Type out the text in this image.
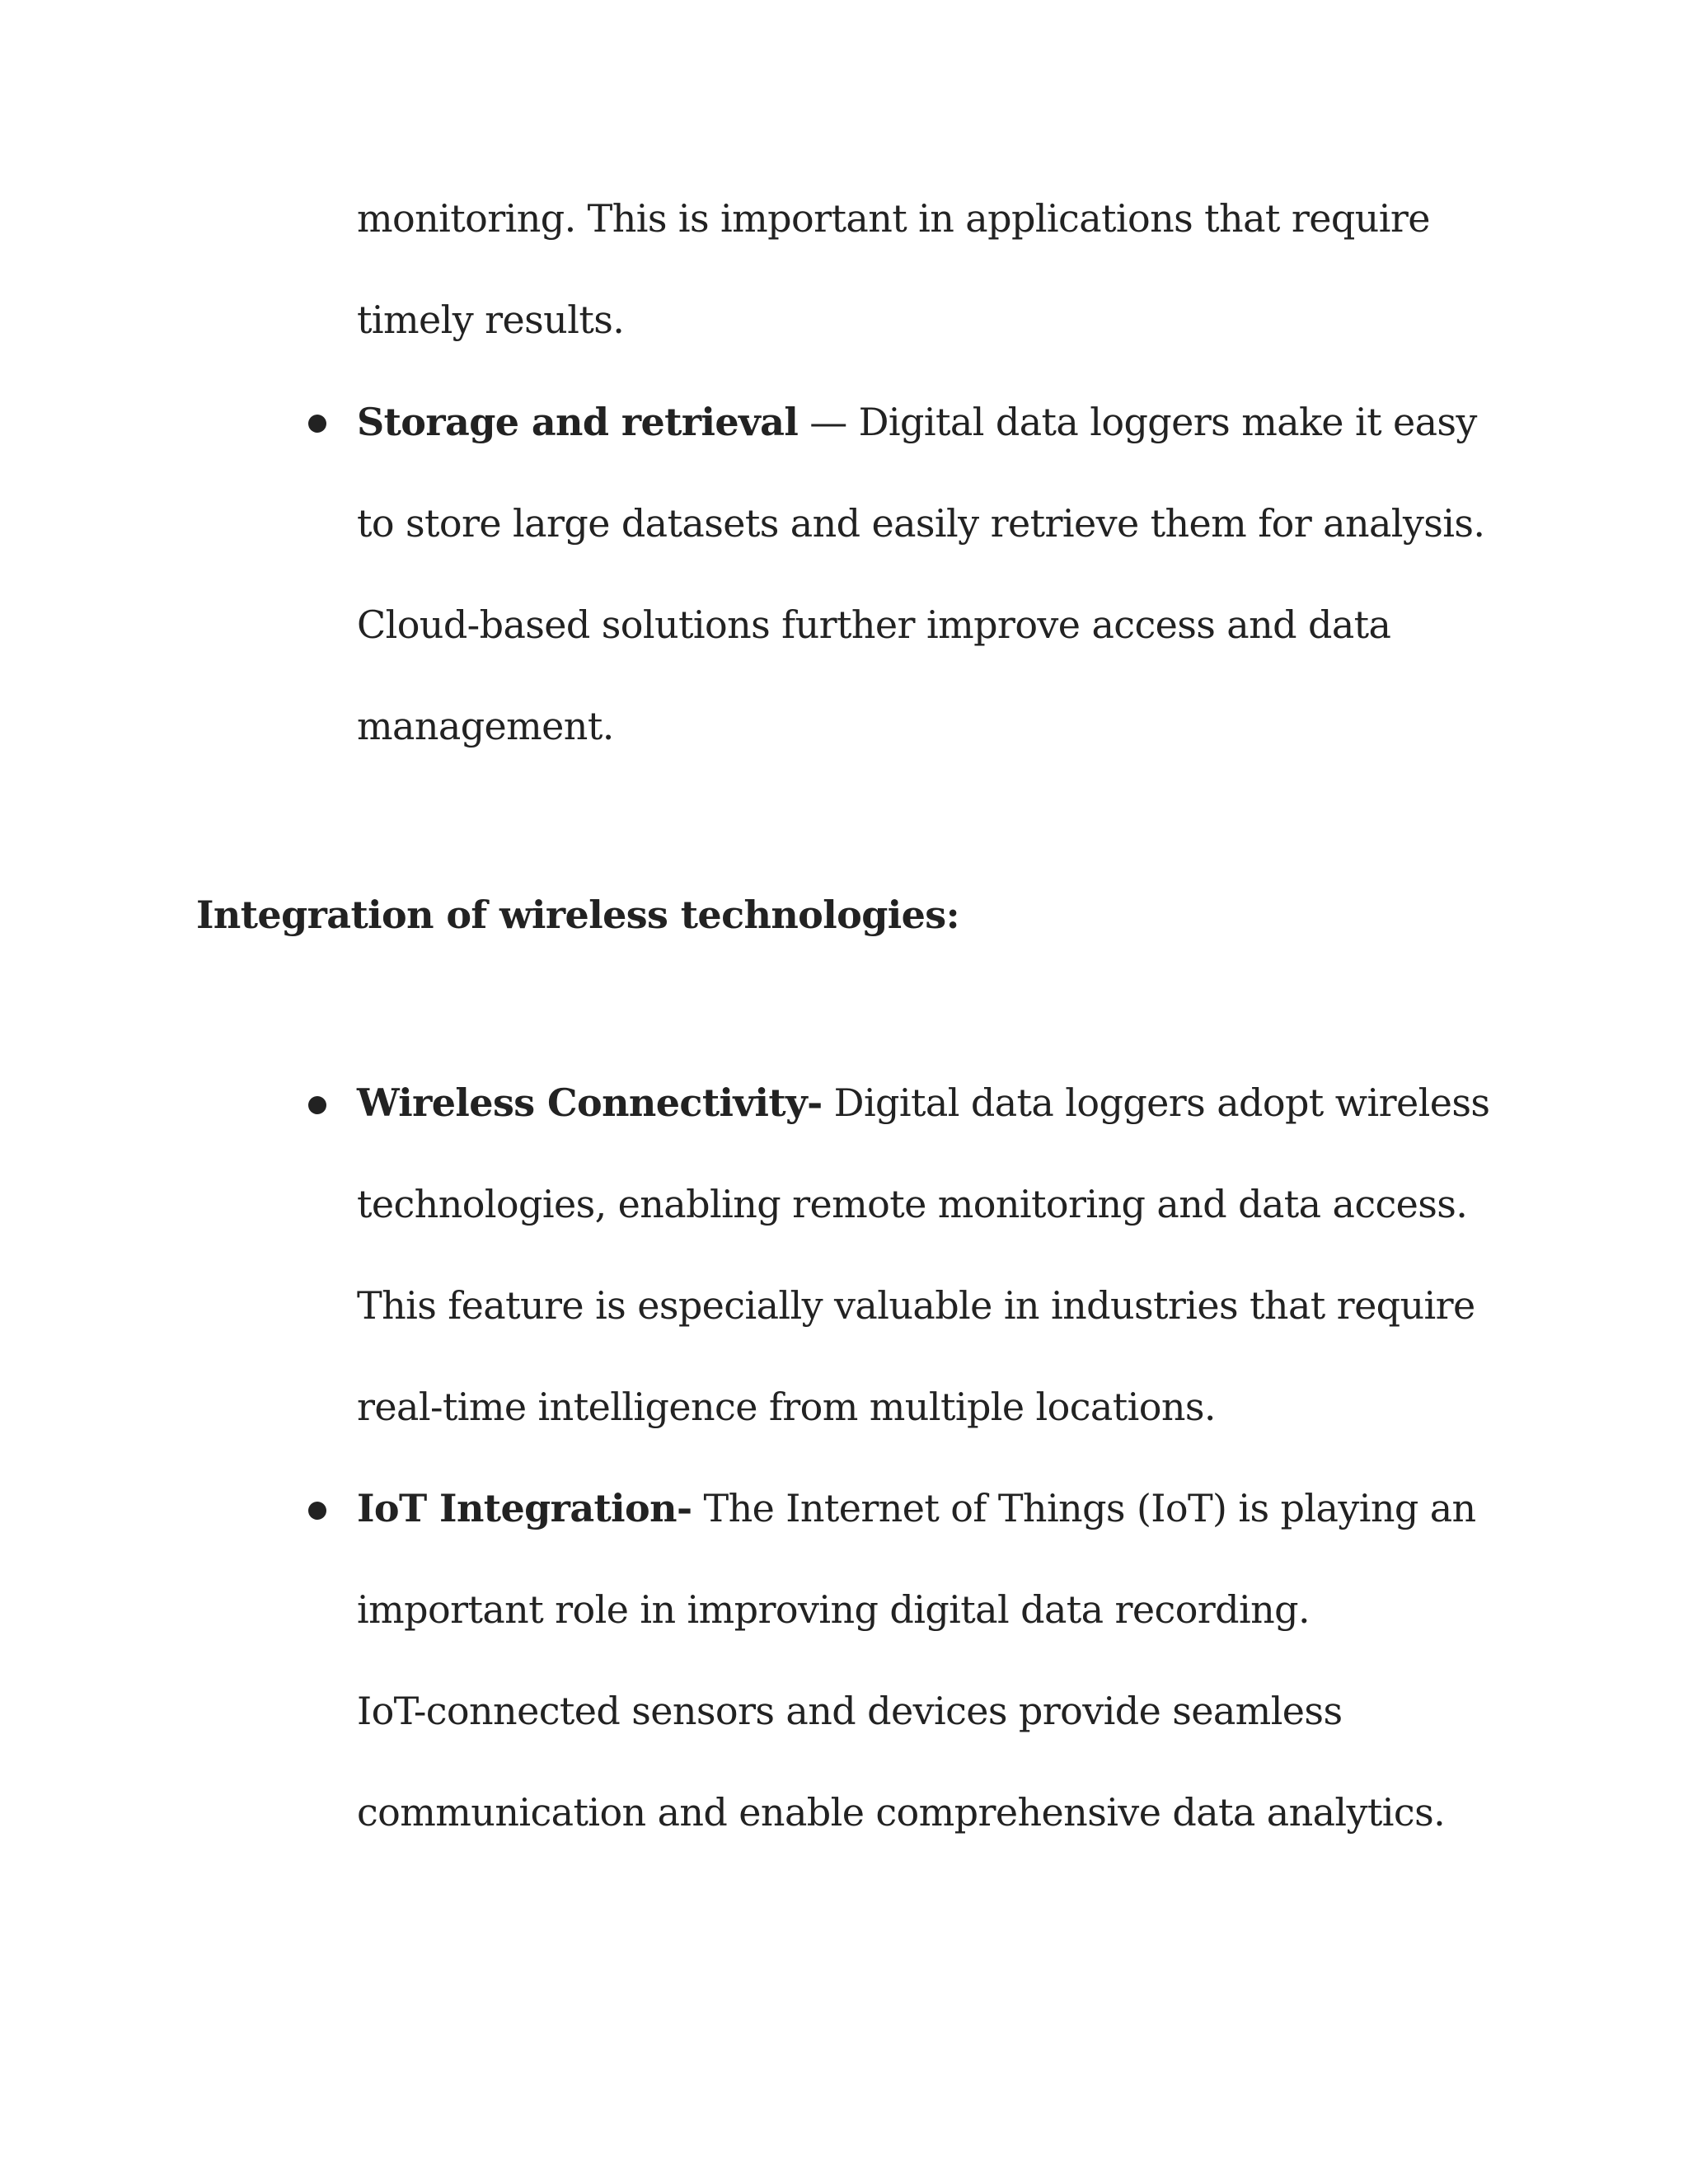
monitoring. This is important in applications that require
timely results.
Storage and retrieval — Digital data loggers make it easy
to store large datasets and easily retrieve them for analysis.
Cloud-based solutions further improve access and data
management.
Integration of wireless technologies:
Wireless Connectivity- Digital data loggers adopt wireless
technologies, enabling remote monitoring and data access.
This feature is especially valuable in industries that require
real-time intelligence from multiple locations.
IoT Integration- The Internet of Things (IoT) is playing an
important role in improving digital data recording.
IoT-connected sensors and devices provide seamless
communication and enable comprehensive data analytics.
